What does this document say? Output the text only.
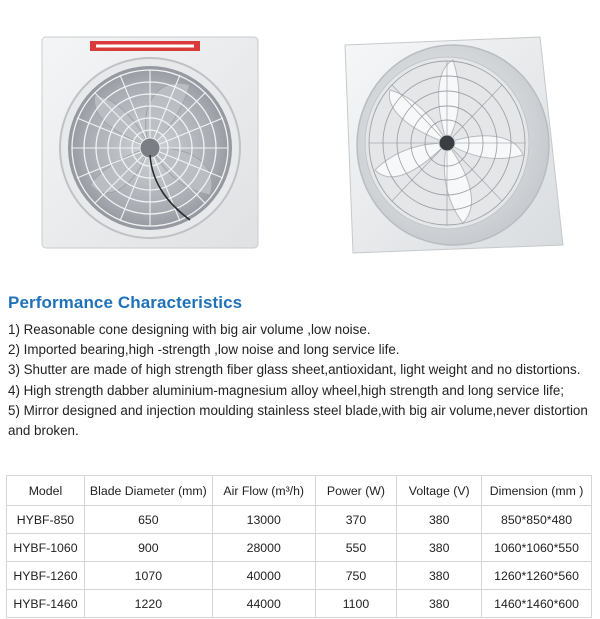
Performance Characteristics
1) Reasonable cone designing with big air volume ,low noise.
2) Imported bearing,high -strength ,low noise and long service life.
3) Shutter are made of high strength fiber glass sheet,antioxidant, light weight and no distortions.
4) High strength dabber aluminium-magnesium alloy wheel,high strength and long service life;
5) Mirror designed and injection moulding stainless steel blade,with big air volume,never distortion and broken.
Model	Blade Diameter (mm)	Air Flow (m³/h)	Power (W)	Voltage (V)	Dimension (mm )
HYBF-850	650	13000	370	380	850*850*480
HYBF-1060	900	28000	550	380	1060*1060*550
HYBF-1260	1070	40000	750	380	1260*1260*560
HYBF-1460	1220	44000	1100	380	1460*1460*600
